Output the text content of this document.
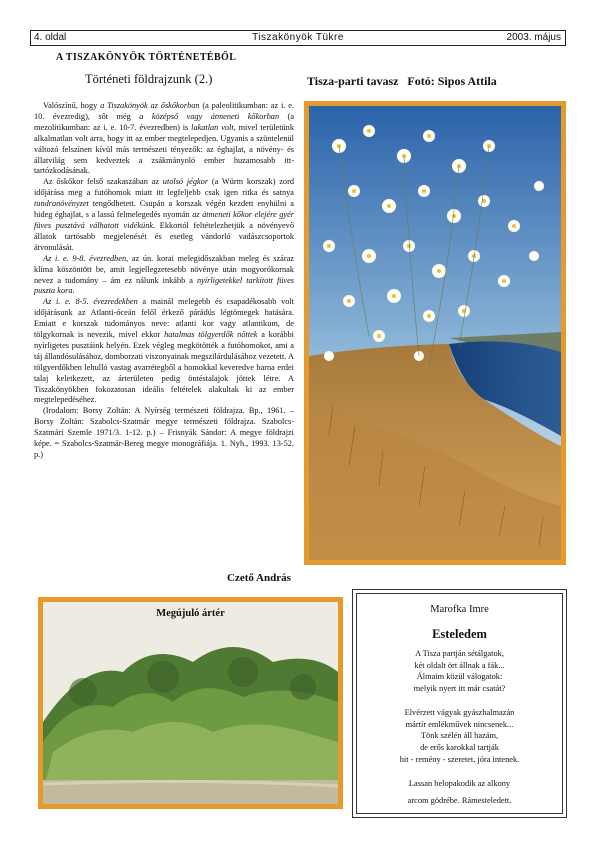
4. oldal	Tiszakönyök Tükre	2003. május
A TISZAKÖNYÖK TÖRTÉNETÉBŐL
Történeti földrajzunk (2.)	Tisza-parti tavasz   Fotó: Sipos Attila

Valószínű, hogy a Tiszakönyök az őskőkorban (a paleolitikumban: az i. e. 10. évezredig), sőt még a középső vagy átmeneti kőkorban (a mezolitikumban: az i. e. 10-7. évezredben) is lakatlan volt, mivel területünk alkalmatlan volt arra, hogy itt az ember megtelepedjen. Ugyanis a szüntelenül változó felszínen kívül más természeti tényezők: az éghajlat, a növény- és állatvilág sem kedveztek a zsákmányoló ember huzamosabb itt-tartózkodásának.

Az őskőkor felső szakaszában az utolsó jégkor (a Würm korszak) zord időjárása meg a futóhomok miatt itt legfeljebb csak igen ritka és satnya tundranövényzet tengődhetett. Csupán a korszak végén kezdett enyhülni a hideg éghajlat, s a lassú felmelegedés nyomán az átmeneti kőkor elejére gyér füves pusztává válhatott vidékünk. Ekkortól feltételezhetjük a növényevő állatok tartósabb megjelenését és esetleg vándorló vadászcsoportok átvonulását.

Az i. e. 9-8. évezredben, az ún. korai melegidőszakban meleg és száraz klíma köszöntött be, amit legjellegzetesebb növénye után mogyorókornak nevez a tudomány – ám ez nálunk inkább a nyírligetekkel tarkított füves puszta kora.

Az i. e. 8-5. évezredekben a mainál melegebb és csapadékosabb volt időjárásunk az Atlanti-óceán felől érkező párádús légtömegek hatására. Emiatt e korszak tudományos neve: atlanti kor vagy atlantikum, de tölgykornak is nevezik, mivel ekkor hatalmas tölgyerdők nőttek a korábbi nyírligetes pusztáink helyén. Ezek végleg megkötötték a futóhomokot, ami a táj állandósulásához, domborzati viszonyainak megszilárdulásához vezetett. A tölgyerdőkben lehulló vastag avarrétegből a homokkal keveredve barna erdei talaj keletkezett, az árterületen pedig öntéstalajok jöttek létre. A Tiszakönyökben fokozatosan ideális feltételek alakultak ki az ember megtelepedéséhez.

(Irodalom: Borsy Zoltán: A Nyírség természeti földrajza. Bp., 1961. – Borsy Zoltán: Szabolcs-Szatmár megye természeti földrajza. Szabolcs-Szatmári Szemle 1971/3. 1-12. p.) – Frisnyák Sándor: A megye földrajzi képe. = Szabolcs-Szatmár-Bereg megye monográfiája. 1. Nyh., 1993. 13-52. p.)

Czető András
Megújuló ártér	Marofka Imre
Esteledem
A Tisza partján sétálgatok,
két oldalt ört állnak a fák...
Álmaim közül válogatok:
melyik nyert itt már csatát?
Elvérzett vágyak gyászhalmazán
mártír emlékművek nincsenek...
Tönk szélén áll hazám,
de erős karokkal tartják
hit - remény - szeretet, jóra intenek.
Lassan belopakodik az alkony
arcom gödrébe. Rámesteledett.
